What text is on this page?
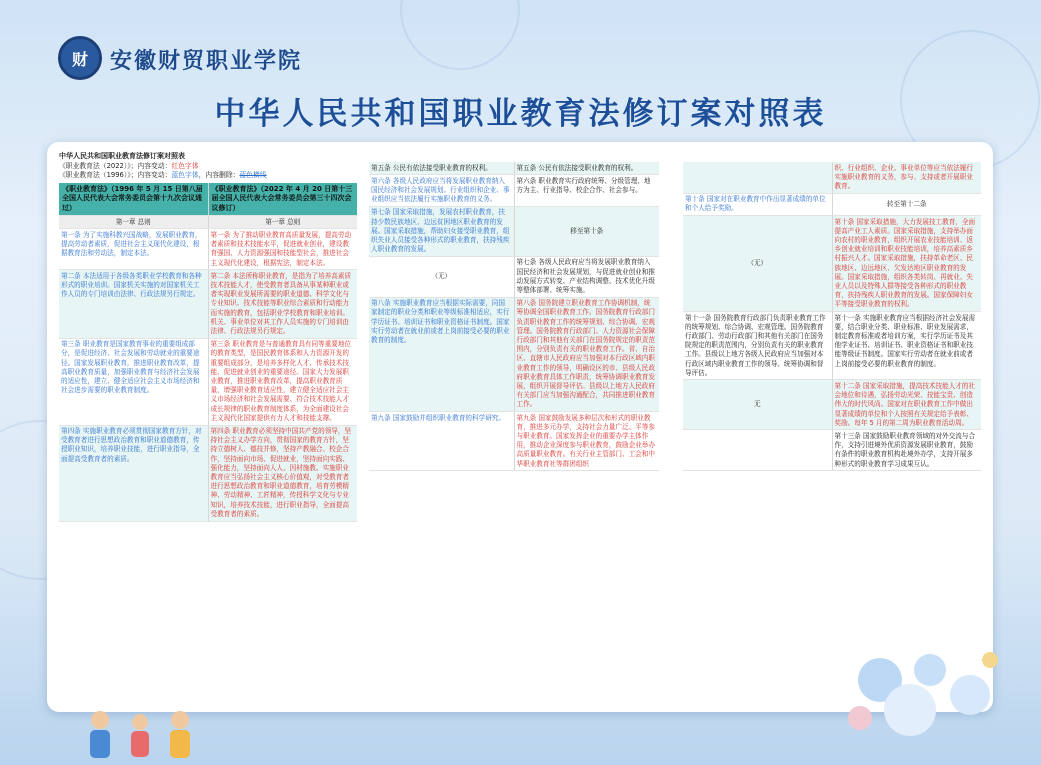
财 安徽财贸职业学院
中华人民共和国职业教育法修订案对照表
中华人民共和国职业教育法修订案对照表
《职业教育法（2022）》；内容变动：红色字体
《职业教育法（1996）》；内容变动：蓝色字体，内容删除：蓝色横线
《职业教育法》（1996 年 5 月 15 日第八届全国人民代表大会常务委员会第十九次会议通过）	《职业教育法》（2022 年 4 月 20 日第十三届全国人民代表大会常务委员会第三十四次会议修订）
第一章 总则	第一章 总则
第一条 为了实施科教兴国战略，发展职业教育，提高劳动者素质，促进社会主义现代化建设，根据教育法和劳动法，制定本法。	第一条 为了推动职业教育高质量发展，提高劳动者素质和技术技能水平，促进就业创业，建设教育强国、人力资源强国和技能型社会，推进社会主义现代化建设，根据宪法，制定本法。
第二条 本法适用于各级各类职业学校教育和各种形式的职业培训。国家机关实施的对国家机关工作人员的专门培训由法律、行政法规另行规定。	第二条 本法所称职业教育，是指为了培养高素质技术技能人才，使受教育者具备从事某种职业或者实现职业发展所需要的职业道德、科学文化与专业知识、技术技能等职业综合素质和行动能力而实施的教育，包括职业学校教育和职业培训。机关、事业单位对其工作人员实施的专门培训由法律、行政法规另行规定。
第三条 职业教育是国家教育事业的重要组成部分，是促进经济、社会发展和劳动就业的重要途径。国家发展职业教育，推进职业教育改革，提高职业教育质量，加强职业教育与经济社会发展的适应性，建立、健全适应社会主义市场经济和社会进步需要的职业教育制度。	第三条 职业教育是与普通教育具有同等重要地位的教育类型，是国民教育体系和人力资源开发的重要组成部分，是培养多样化人才、传承技术技能、促进就业创业的重要途径。国家大力发展职业教育，推进职业教育改革，提高职业教育质量，增强职业教育适应性，建立健全适应社会主义市场经济和社会发展需要、符合技术技能人才成长规律的职业教育制度体系，为全面建设社会主义现代化国家提供有力人才和技能支撑。
第四条 实施职业教育必须贯彻国家教育方针，对受教育者进行思想政治教育和职业道德教育，传授职业知识，培养职业技能，进行职业指导，全面提高受教育者的素质。	第四条 职业教育必须坚持中国共产党的领导，坚持社会主义办学方向，贯彻国家的教育方针，坚持立德树人、德技并修，坚持产教融合、校企合作，坚持面向市场、促进就业，坚持面向实践、强化能力，坚持面向人人、因材施教。实施职业教育应当弘扬社会主义核心价值观，对受教育者进行思想政治教育和职业道德教育，培育劳模精神、劳动精神、工匠精神，传授科学文化与专业知识，培养技术技能，进行职业指导，全面提高受教育者的素质。
第五条 公民有依法接受职业教育的权利。	第五条 公民有依法接受职业教育的权利。
第六条 各级人民政府应当将发展职业教育纳入国民经济和社会发展规划。行业组织和企业、事业组织应当依法履行实施职业教育的义务。	第六条 职业教育实行政府统筹、分级管理、地方为主、行业指导、校企合作、社会参与。
第七条 国家采取措施，发展农村职业教育，扶持少数民族地区、边远贫困地区职业教育的发展。国家采取措施，帮助妇女接受职业教育，组织失业人员接受各种形式的职业教育，扶持残疾人职业教育的发展。	移至第十条
（无）	第七条 各级人民政府应当将发展职业教育纳入国民经济和社会发展规划，与促进就业创业和推动发展方式转变、产业结构调整、技术优化升级等整体部署、统筹实施。
第八条 实施职业教育应当根据实际需要，同国家制定的职业分类和职业等级标准相适应，实行学历证书、培训证书和职业资格证书制度。国家实行劳动者在就业前或者上岗前接受必要的职业教育的制度。	第八条 国务院建立职业教育工作协调机制，统筹协调全国职业教育工作。国务院教育行政部门负责职业教育工作的统筹规划、综合协调、宏观管理。国务院教育行政部门、人力资源社会保障行政部门和其他有关部门在国务院规定的职责范围内，分别负责有关的职业教育工作。省、自治区、直辖市人民政府应当加强对本行政区域内职业教育工作的领导，明确设区的市、县级人民政府职业教育具体工作职责，统筹协调职业教育发展，组织开展督导评估。县级以上地方人民政府有关部门应当加强沟通配合，共同推进职业教育工作。
第九条 国家鼓励并组织职业教育的科学研究。	第九条 国家鼓励发展多种层次和形式的职业教育，推进多元办学，支持社会力量广泛、平等参与职业教育。国家发挥企业的重要办学主体作用，推动企业深度参与职业教育，鼓励企业举办高质量职业教育。有关行业主管部门、工会和中华职业教育社等群团组织
	织、行业组织、企业、事业单位等应当依法履行实施职业教育的义务，参与、支持或者开展职业教育。
第十条 国家对在职业教育中作出显著成绩的单位和个人给予奖励。	转至第十二条
（无）	第十条 国家采取措施，大力发展技工教育，全面提高产业工人素质。国家采取措施，支持举办面向农村的职业教育，组织开展农业技能培训、返乡创业就业培训和职业技能培训，培养高素质乡村振兴人才。国家采取措施，扶持革命老区、民族地区、边远地区、欠发达地区职业教育的发展。国家采取措施，组织各类转岗、再就业、失业人员以及特殊人群等接受各种形式的职业教育，扶持残疾人职业教育的发展。国家保障妇女平等接受职业教育的权利。
第十一条 国务院教育行政部门负责职业教育工作的统筹规划、综合协调、宏观管理。国务院教育行政部门、劳动行政部门和其他有关部门在国务院规定的职责范围内，分别负责有关的职业教育工作。县级以上地方各级人民政府应当加强对本行政区域内职业教育工作的领导、统筹协调和督导评估。	第十一条 实施职业教育应当根据经济社会发展需要，结合职业分类、职业标准、职业发展需求，制定教育标准或者培训方案，实行学历证书及其他学业证书、培训证书、职业资格证书和职业技能等级证书制度。国家实行劳动者在就业前或者上岗前接受必要的职业教育的制度。
无	第十二条 国家采取措施，提高技术技能人才的社会地位和待遇，弘扬劳动光荣、技能宝贵、创造伟大的时代风尚。国家对在职业教育工作中做出显著成绩的单位和个人按照有关规定给予表彰、奖励。每年 5 月的第二周为职业教育活动周。
	第十三条 国家鼓励职业教育领域的对外交流与合作，支持引进境外优质资源发展职业教育，鼓励有条件的职业教育机构赴境外办学，支持开展多种形式的职业教育学习成果互认。
